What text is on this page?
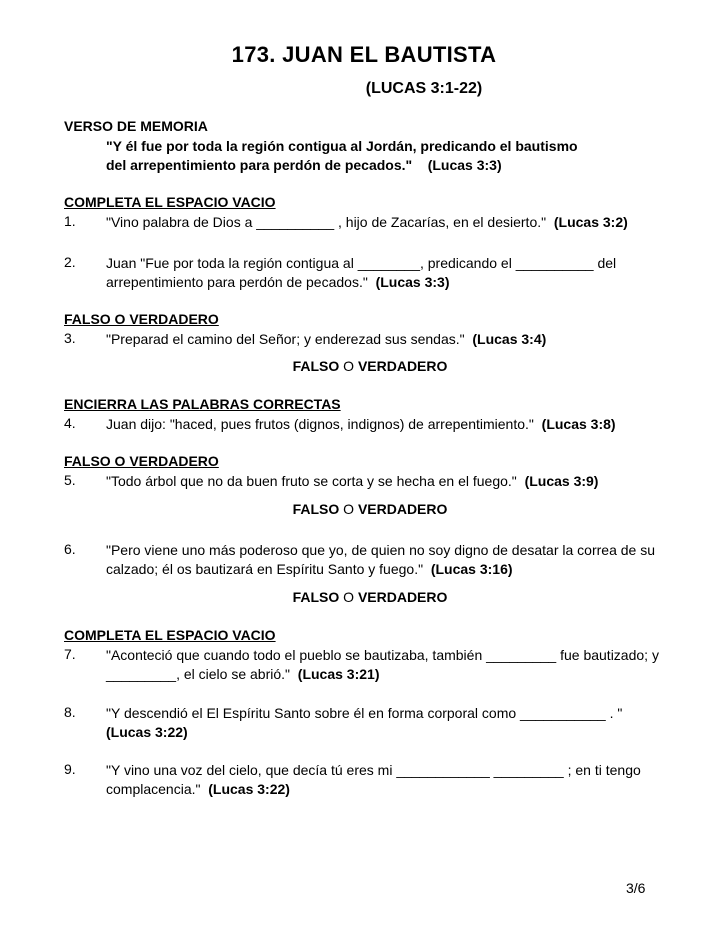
173. JUAN EL BAUTISTA
(LUCAS 3:1-22)
VERSO DE MEMORIA
"Y él fue por toda la región contigua al Jordán, predicando el bautismo
del arrepentimiento para perdón de pecados." (Lucas 3:3)
COMPLETA EL ESPACIO VACIO
1. "Vino palabra de Dios a __________ , hijo de Zacarías, en el desierto." (Lucas 3:2)
2. Juan "Fue por toda la región contigua al ________, predicando el __________ del
arrepentimiento para perdón de pecados." (Lucas 3:3)
FALSO O VERDADERO
3. "Preparad el camino del Señor; y enderezad sus sendas." (Lucas 3:4)
FALSO O VERDADERO
ENCIERRA LAS PALABRAS CORRECTAS
4. Juan dijo: "haced, pues frutos (dignos, indignos) de arrepentimiento." (Lucas 3:8)
FALSO O VERDADERO
5. "Todo árbol que no da buen fruto se corta y se hecha en el fuego." (Lucas 3:9)
FALSO O VERDADERO
6. "Pero viene uno más poderoso que yo, de quien no soy digno de desatar la correa de su
calzado; él os bautizará en Espíritu Santo y fuego." (Lucas 3:16)
FALSO O VERDADERO
COMPLETA EL ESPACIO VACIO
7. "Aconteció que cuando todo el pueblo se bautizaba, también _________ fue bautizado; y
_________, el cielo se abrió." (Lucas 3:21)
8. "Y descendió el El Espíritu Santo sobre él en forma corporal como ___________ . "
(Lucas 3:22)
9. "Y vino una voz del cielo, que decía tú eres mi ____________ _________ ; en ti tengo
complacencia." (Lucas 3:22)
3/6
